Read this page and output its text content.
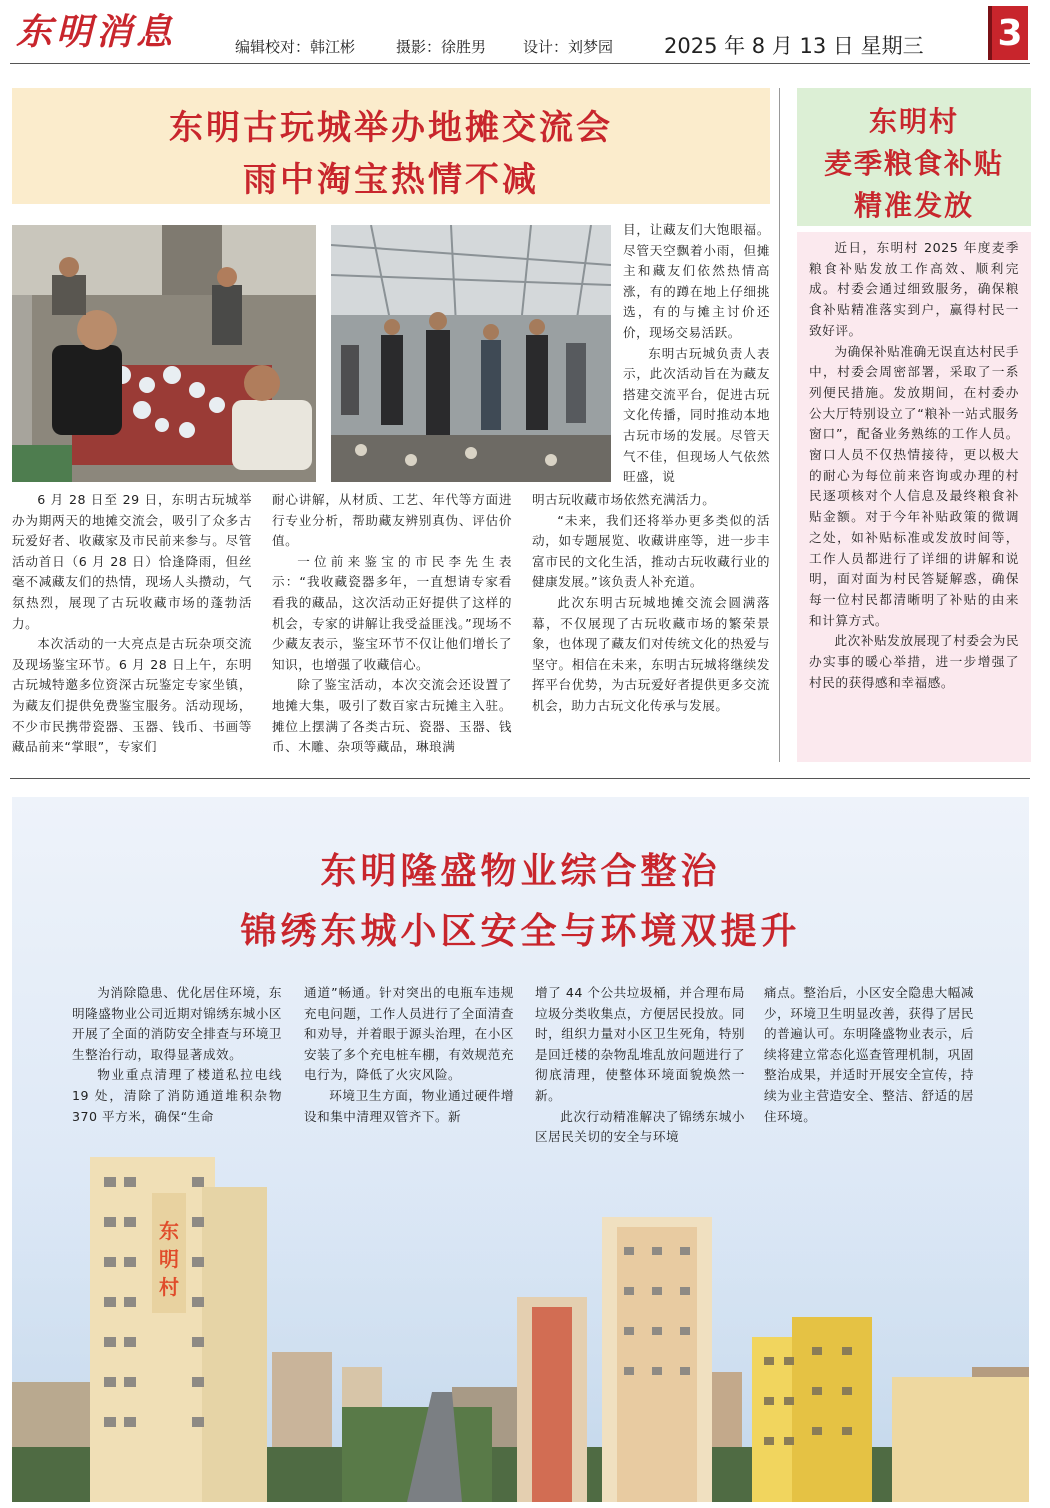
东明消息	编辑校对：韩江彬	摄影：徐胜男 设计：刘梦园 2025 年 8 月 13 日 星期三 3
东明古玩城举办地摊交流会
雨中淘宝热情不减

目，让藏友们大饱眼福。尽管天空飘着小雨，但摊主和藏友们依然热情高涨，有的蹲在地上仔细挑选，有的与摊主讨价还价，现场交易活跃。

东明古玩城负责人表示，此次活动旨在为藏友搭建交流平台，促进古玩文化传播，同时推动本地古玩市场的发展。尽管天气不佳，但现场人气依然旺盛，说

6 月 28 日至 29 日，东明古玩城举办为期两天的地摊交流会，吸引了众多古玩爱好者、收藏家及市民前来参与。尽管活动首日（6 月 28 日）恰逢降雨，但丝毫不减藏友们的热情，现场人头攒动，气氛热烈，展现了古玩收藏市场的蓬勃活力。

本次活动的一大亮点是古玩杂项交流及现场鉴宝环节。6 月 28 日上午，东明古玩城特邀多位资深古玩鉴定专家坐镇，为藏友们提供免费鉴宝服务。活动现场，不少市民携带瓷器、玉器、钱币、书画等藏品前来“掌眼”，专家们

耐心讲解，从材质、工艺、年代等方面进行专业分析，帮助藏友辨别真伪、评估价值。

一位前来鉴宝的市民李先生表示：“我收藏瓷器多年，一直想请专家看看我的藏品，这次活动正好提供了这样的机会，专家的讲解让我受益匪浅。”现场不少藏友表示，鉴宝环节不仅让他们增长了知识，也增强了收藏信心。

除了鉴宝活动，本次交流会还设置了地摊大集，吸引了数百家古玩摊主入驻。摊位上摆满了各类古玩、瓷器、玉器、钱币、木雕、杂项等藏品，琳琅满

明古玩收藏市场依然充满活力。

“未来，我们还将举办更多类似的活动，如专题展览、收藏讲座等，进一步丰富市民的文化生活，推动古玩收藏行业的健康发展。”该负责人补充道。

此次东明古玩城地摊交流会圆满落幕，不仅展现了古玩收藏市场的繁荣景象，也体现了藏友们对传统文化的热爱与坚守。相信在未来，东明古玩城将继续发挥平台优势，为古玩爱好者提供更多交流机会，助力古玩文化传承与发展。

东明村
麦季粮食补贴
精准发放

近日，东明村 2025 年度麦季粮食补贴发放工作高效、顺利完成。村委会通过细致服务，确保粮食补贴精准落实到户，赢得村民一致好评。

为确保补贴准确无误直达村民手中，村委会周密部署，采取了一系列便民措施。发放期间，在村委办公大厅特别设立了“粮补一站式服务窗口”，配备业务熟练的工作人员。窗口人员不仅热情接待，更以极大的耐心为每位前来咨询或办理的村民逐项核对个人信息及最终粮食补贴金额。对于今年补贴政策的微调之处，如补贴标准或发放时间等，工作人员都进行了详细的讲解和说明，面对面为村民答疑解惑，确保每一位村民都清晰明了补贴的由来和计算方式。

此次补贴发放展现了村委会为民办实事的暖心举措，进一步增强了村民的获得感和幸福感。

东明村
东明隆盛物业综合整治
锦绣东城小区安全与环境双提升

为消除隐患、优化居住环境，东明隆盛物业公司近期对锦绣东城小区开展了全面的消防安全排查与环境卫生整治行动，取得显著成效。

物业重点清理了楼道私拉电线 19 处，清除了消防通道堆积杂物 370 平方米，确保“生命

通道”畅通。针对突出的电瓶车违规充电问题，工作人员进行了全面清查和劝导，并着眼于源头治理，在小区安装了多个充电桩车棚，有效规范充电行为，降低了火灾风险。

环境卫生方面，物业通过硬件增设和集中清理双管齐下。新

增了 44 个公共垃圾桶，并合理布局垃圾分类收集点，方便居民投放。同时，组织力量对小区卫生死角，特别是回迁楼的杂物乱堆乱放问题进行了彻底清理，使整体环境面貌焕然一新。

此次行动精准解决了锦绣东城小区居民关切的安全与环境

痛点。整治后，小区安全隐患大幅减少，环境卫生明显改善，获得了居民的普遍认可。东明隆盛物业表示，后续将建立常态化巡查管理机制，巩固整治成果，并适时开展安全宣传，持续为业主营造安全、整洁、舒适的居住环境。
